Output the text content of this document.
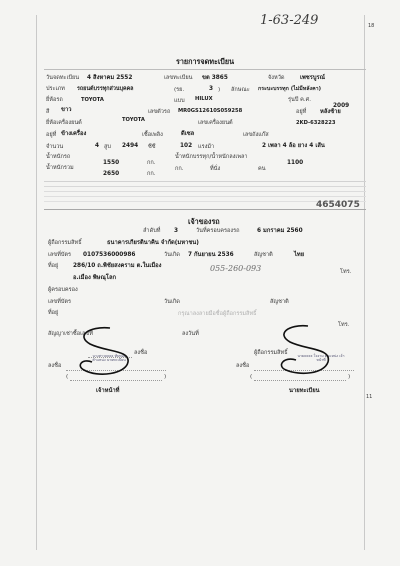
1-63-249	18
รายการจดทะเบียน
วันจดทะเบียน 4 สิงหาคม 2552	เลขทะเบียน ขต 3865	จังหวัด	เพชรบูรณ์
ประเภท รถยนต์บรรทุกส่วนบุคคล	(รย.	3 ) ลักษณะ กระบะบรรทุก (ไม่มีหลังคา)
ยี่ห้อรถ	TOYOTA	แบบ HILUX	รุ่นปี ค.ศ.
2009
สี ขาว	เลขตัวรถ MR0GS12610S059258	อยู่ที่ หลังซ้าย
ยี่ห้อเครื่องยนต์	TOYOTA	เลขเครื่องยนต์	2KD-6328223
อยู่ที่ ข้างเครื่อง	เชื้อเพลิง	ดีเซล	เลขถังแก๊ส
จำนวน	4 สูบ 2494 ซีซี	102 แรงม้า	2 เพลา 4 ล้อ ยาง 4 เส้น
น้ำหนักรถ
1550	กก.
น้ำหนักบรรทุก/น้ำหนักลงเพลา
1100
กก.
น้ำหนักรวม
2650	กก.
ที่นั่ง	คน
4654075
เจ้าของรถ
ลำดับที่ 3	วันที่ครอบครองรถ	6 มกราคม 2560
ผู้ถือกรรมสิทธิ์	ธนาคารเกียรตินาคิน จำกัด(มหาชน)
เลขที่บัตร 0107536000986	วันเกิด 7 กันยายน 2536	สัญชาติ	ไทย
ที่อยู่	286/10 ถ.พิชัยสงคราม ต.ในเมือง	055-260-093	โทร.
อ.เมือง พิษณุโลก
ผู้ครอบครอง
เลขที่บัตร	วันเกิด	สัญชาติ
ที่อยู่	กรุณาลงลายมือชื่อผู้ถือกรรมสิทธิ์
สัญญาเช่าซื้อเลขที่	ลงวันที่
โทร.
ลงชื่อ	ผู้ถือกรรมสิทธิ์
ลงชื่อ	ลงชื่อ
(	)	(	)
เจ้าหน้าที่	นายทะเบียน
นางสาวxxxx ทับทอง ตำแหน่ง นายทะเบียน
นายxxxx ใจงาม ตำแหน่ง เจ้าหน้าที่
11
